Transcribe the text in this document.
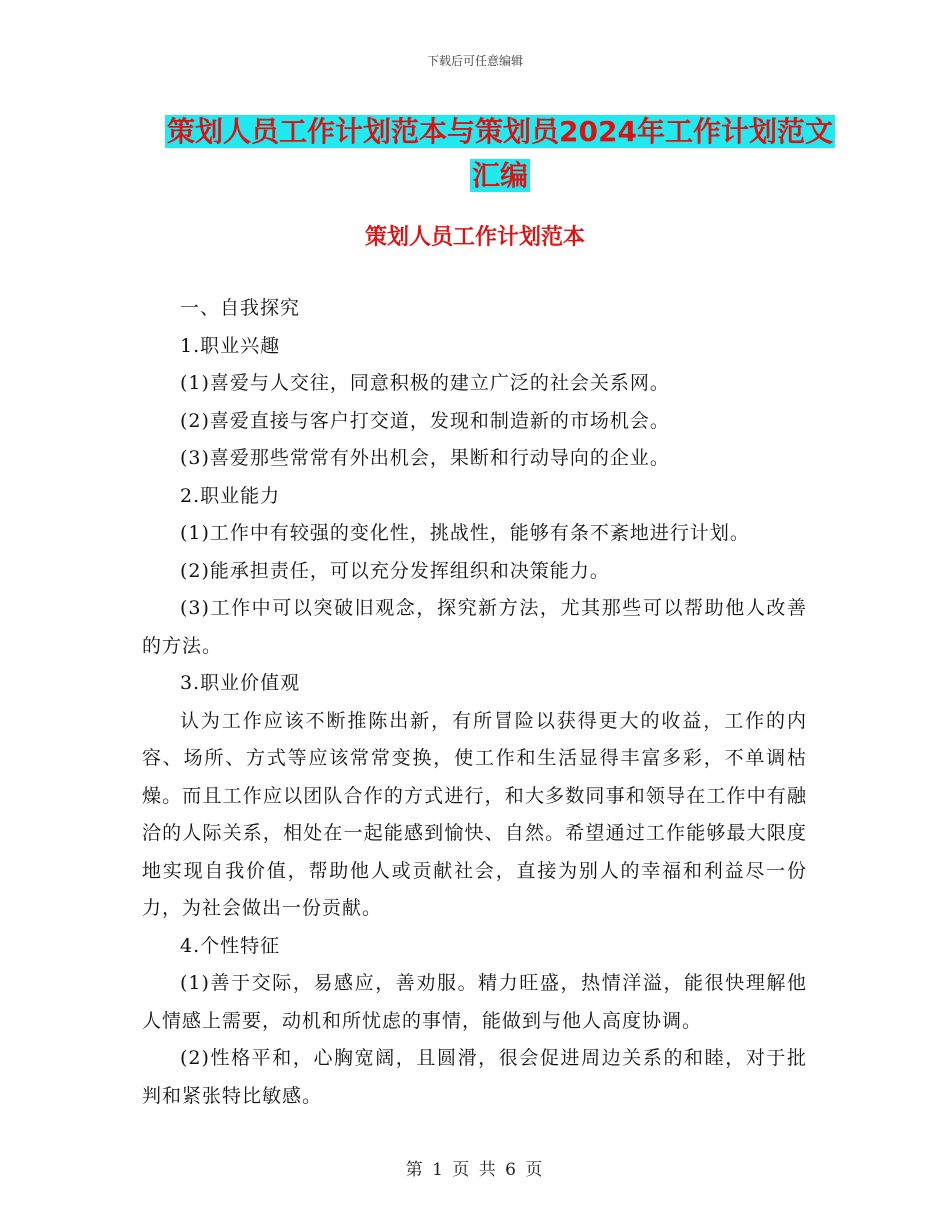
下载后可任意编辑
策划人员工作计划范本与策划员2024年工作计划范文
汇编
策划人员工作计划范本

一、自我探究

1.职业兴趣

(1)喜爱与人交往，同意积极的建立广泛的社会关系网。

(2)喜爱直接与客户打交道，发现和制造新的市场机会。

(3)喜爱那些常常有外出机会，果断和行动导向的企业。

2.职业能力

(1)工作中有较强的变化性，挑战性，能够有条不紊地进行计划。

(2)能承担责任，可以充分发挥组织和决策能力。

(3)工作中可以突破旧观念，探究新方法，尤其那些可以帮助他人改善的方法。

3.职业价值观

认为工作应该不断推陈出新，有所冒险以获得更大的收益，工作的内容、场所、方式等应该常常变换，使工作和生活显得丰富多彩，不单调枯燥。而且工作应以团队合作的方式进行，和大多数同事和领导在工作中有融洽的人际关系，相处在一起能感到愉快、自然。希望通过工作能够最大限度地实现自我价值，帮助他人或贡献社会，直接为别人的幸福和利益尽一份力，为社会做出一份贡献。

4.个性特征

(1)善于交际，易感应，善劝服。精力旺盛，热情洋溢，能很快理解他人情感上需要，动机和所忧虑的事情，能做到与他人高度协调。

(2)性格平和，心胸宽阔，且圆滑，很会促进周边关系的和睦，对于批判和紧张特比敏感。

第 1 页 共 6 页
